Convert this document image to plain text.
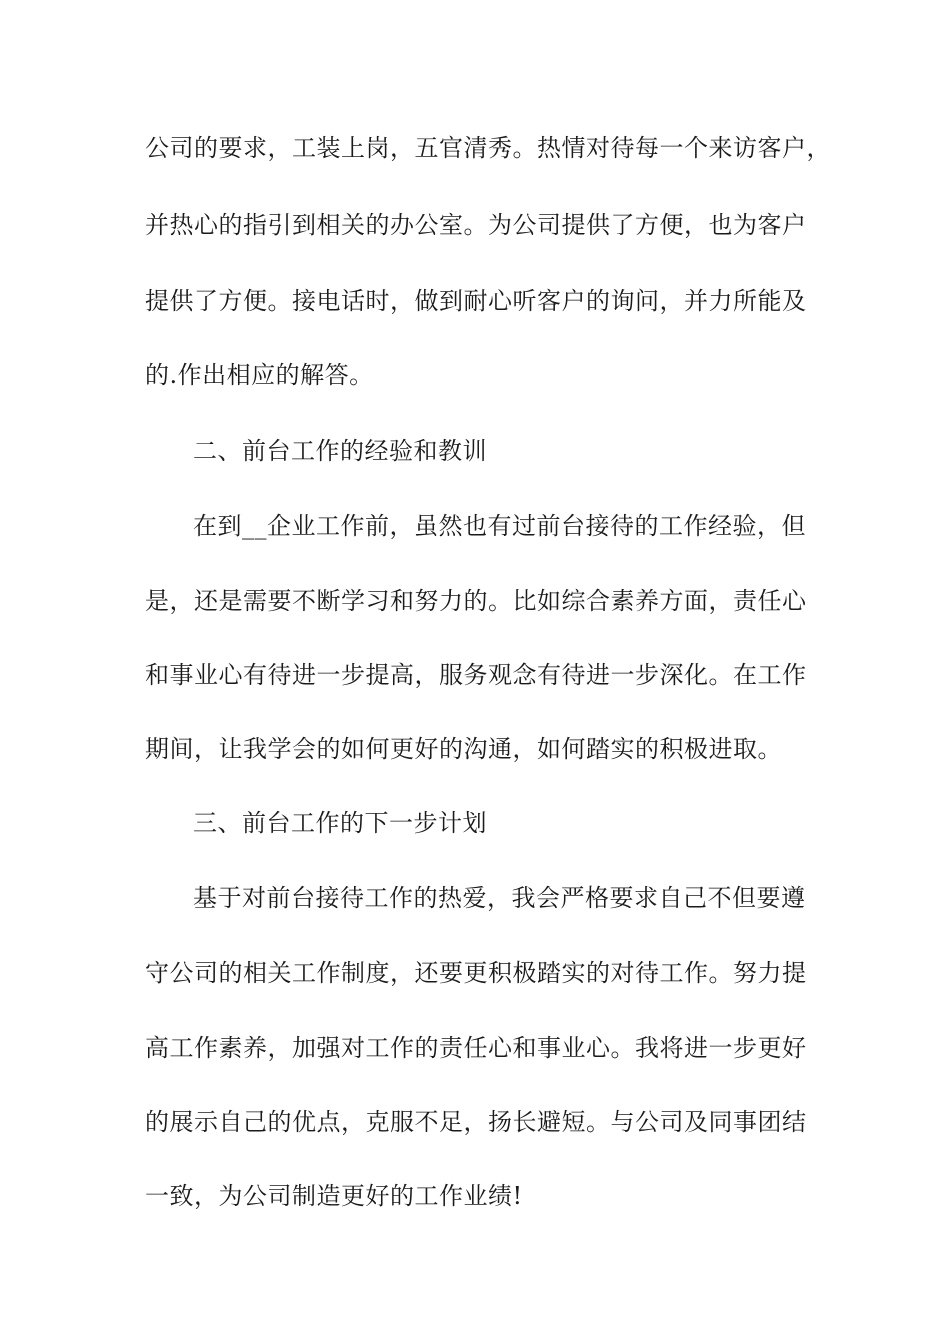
公司的要求，工装上岗，五官清秀。热情对待每一个来访客户，
并热心的指引到相关的办公室。为公司提供了方便，也为客户
提供了方便。接电话时，做到耐心听客户的询问，并力所能及
的.作出相应的解答。
二、前台工作的经验和教训
在到__企业工作前，虽然也有过前台接待的工作经验，但
是，还是需要不断学习和努力的。比如综合素养方面，责任心
和事业心有待进一步提高，服务观念有待进一步深化。在工作
期间，让我学会的如何更好的沟通，如何踏实的积极进取。
三、前台工作的下一步计划
基于对前台接待工作的热爱，我会严格要求自己不但要遵
守公司的相关工作制度，还要更积极踏实的对待工作。努力提
高工作素养，加强对工作的责任心和事业心。我将进一步更好
的展示自己的优点，克服不足，扬长避短。与公司及同事团结
一致，为公司制造更好的工作业绩!
